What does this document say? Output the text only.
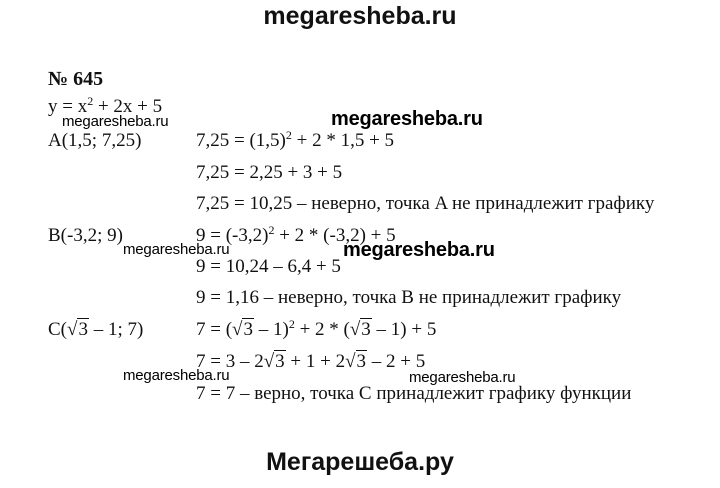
megaresheba.ru
Мегарешеба.ру
№ 645
$y = x^2 + 2x + 5$
A(1,5; 7,25)	$7,25 = (1,5)^2 + 2 * 1,5 + 5$
7,25 = 2,25 + 3 + 5
7,25 = 10,25 – неверно, точка A не принадлежит графику
B(-3,2; 9)	$9 = (-3,2)^2 + 2 * (-3,2) + 5$
9 = 10,24 – 6,4 + 5
9 = 1,16 – неверно, точка B не принадлежит графику
C(√3 – 1; 7)	7 = (√3 – 1)$^2$ + 2 * (√3 – 1) + 5
7 = 3 – 2√3 + 1 + 2√3 – 2 + 5
7 = 7 – верно, точка C принадлежит графику функции
megaresheba.ru
megaresheba.ru
megaresheba.ru	megaresheba.ru
megaresheba.ru	megaresheba.ru
